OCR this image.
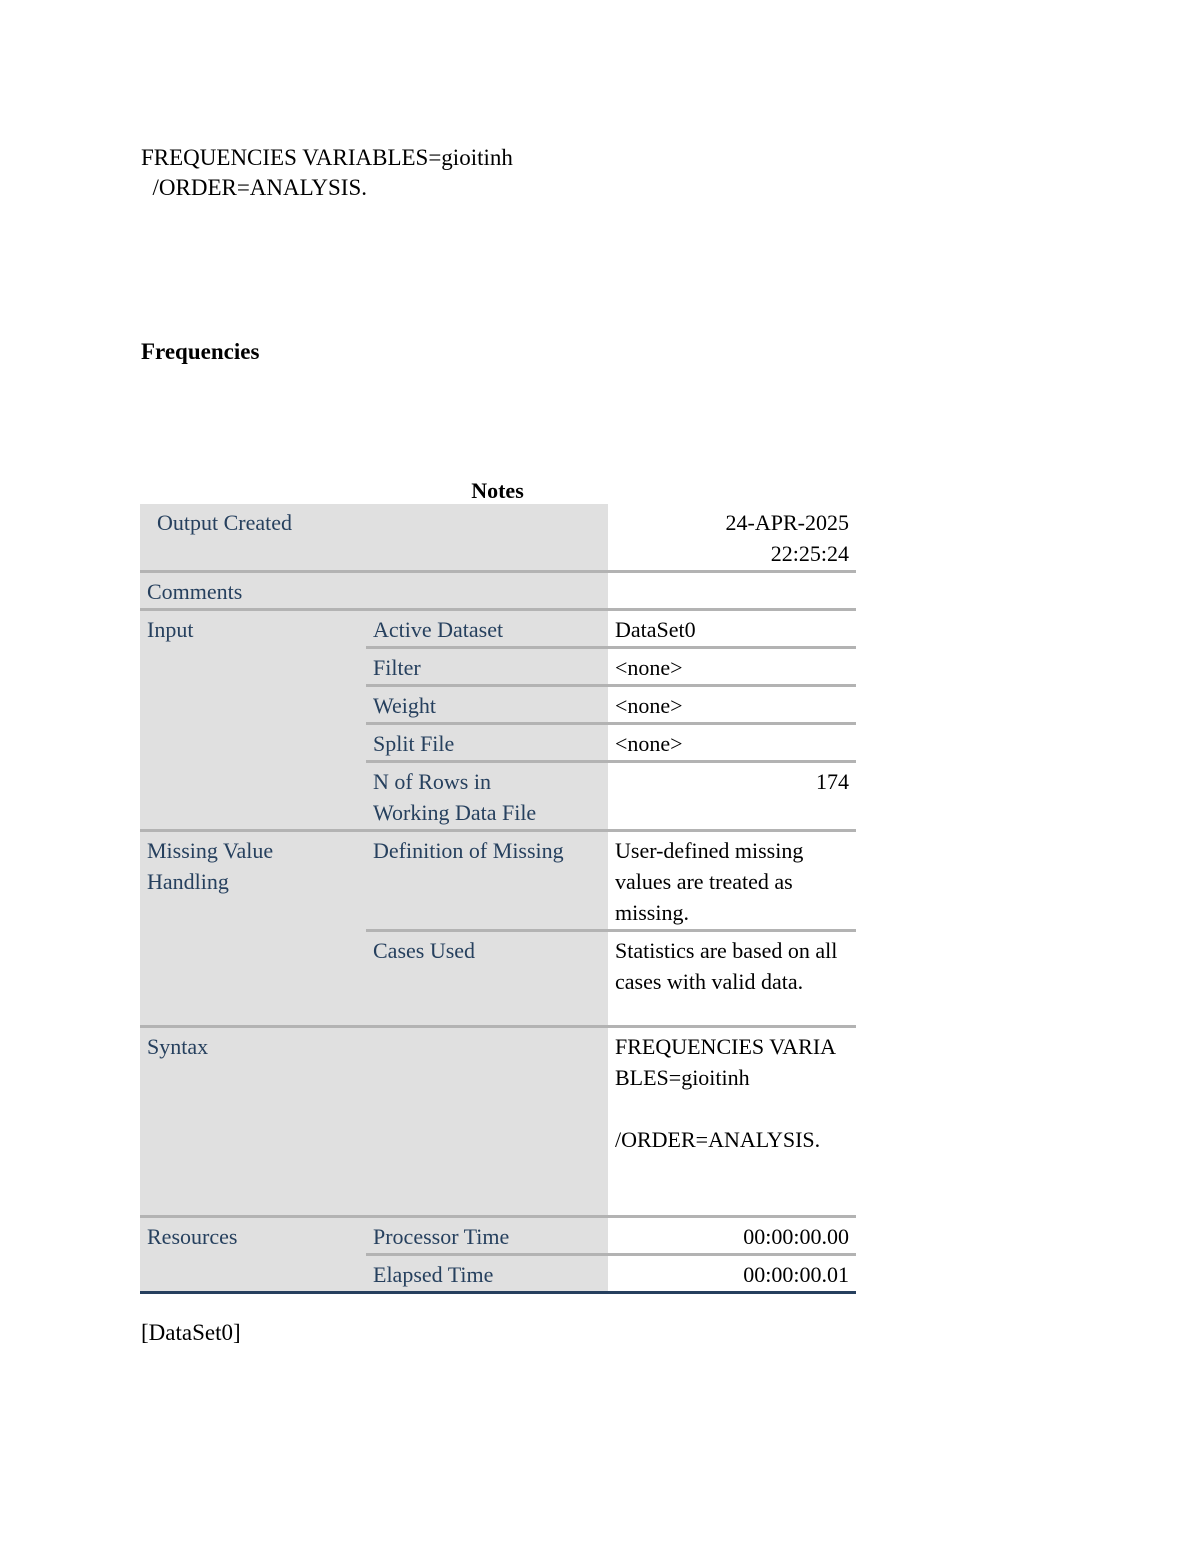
FREQUENCIES VARIABLES=gioitinh
/ORDER=ANALYSIS.
Frequencies
Notes
Output Created		24-APR-2025
22:25:24

Comments		
Input	Active Dataset	DataSet0
	Filter	<none>
	Weight	<none>
	Split File	<none>

	N of Rows in
Working Data File	174

Missing Value
Handling	Definition of Missing	User-defined missing values are treated as missing.
	Cases Used	Statistics are based on all cases with valid data.
Syntax		FREQUENCIES VARIABLES=gioitinh
/ORDER=ANALYSIS.

Resources	Processor Time	00:00:00.00
	Elapsed Time	00:00:00.01
[DataSet0]
